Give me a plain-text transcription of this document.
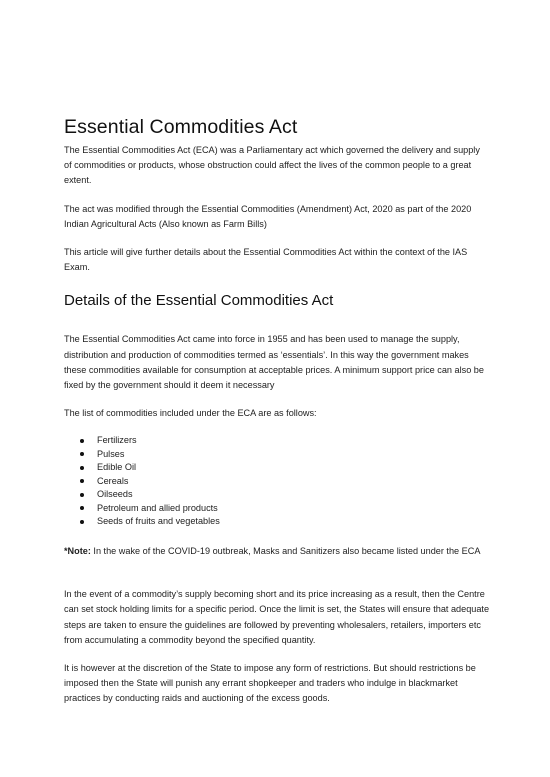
Essential Commodities Act

The Essential Commodities Act (ECA) was a Parliamentary act which governed the delivery and supply of commodities or products, whose obstruction could affect the lives of the common people to a great extent.

The act was modified through the Essential Commodities (Amendment) Act, 2020 as part of the 2020 Indian Agricultural Acts (Also known as Farm Bills)

This article will give further details about the Essential Commodities Act within the context of the IAS Exam.

Details of the Essential Commodities Act

The Essential Commodities Act came into force in 1955 and has been used to manage the supply, distribution and production of commodities termed as ‘essentials’. In this way the government makes these commodities available for consumption at acceptable prices. A minimum support price can also be fixed by the government should it deem it necessary

The list of commodities included under the ECA are as follows:

Fertilizers
Pulses
Edible Oil
Cereals
Oilseeds
Petroleum and allied products
Seeds of fruits and vegetables

*Note: In the wake of the COVID-19 outbreak, Masks and Sanitizers also became listed under the ECA

In the event of a commodity’s supply becoming short and its price increasing as a result, then the Centre can set stock holding limits for a specific period. Once the limit is set, the States will ensure that adequate steps are taken to ensure the guidelines are followed by preventing wholesalers, retailers, importers etc from accumulating a commodity beyond the specified quantity.

It is however at the discretion of the State to impose any form of restrictions. But should restrictions be imposed then the State will punish any errant shopkeeper and traders who indulge in blackmarket practices by conducting raids and auctioning of the excess goods.
